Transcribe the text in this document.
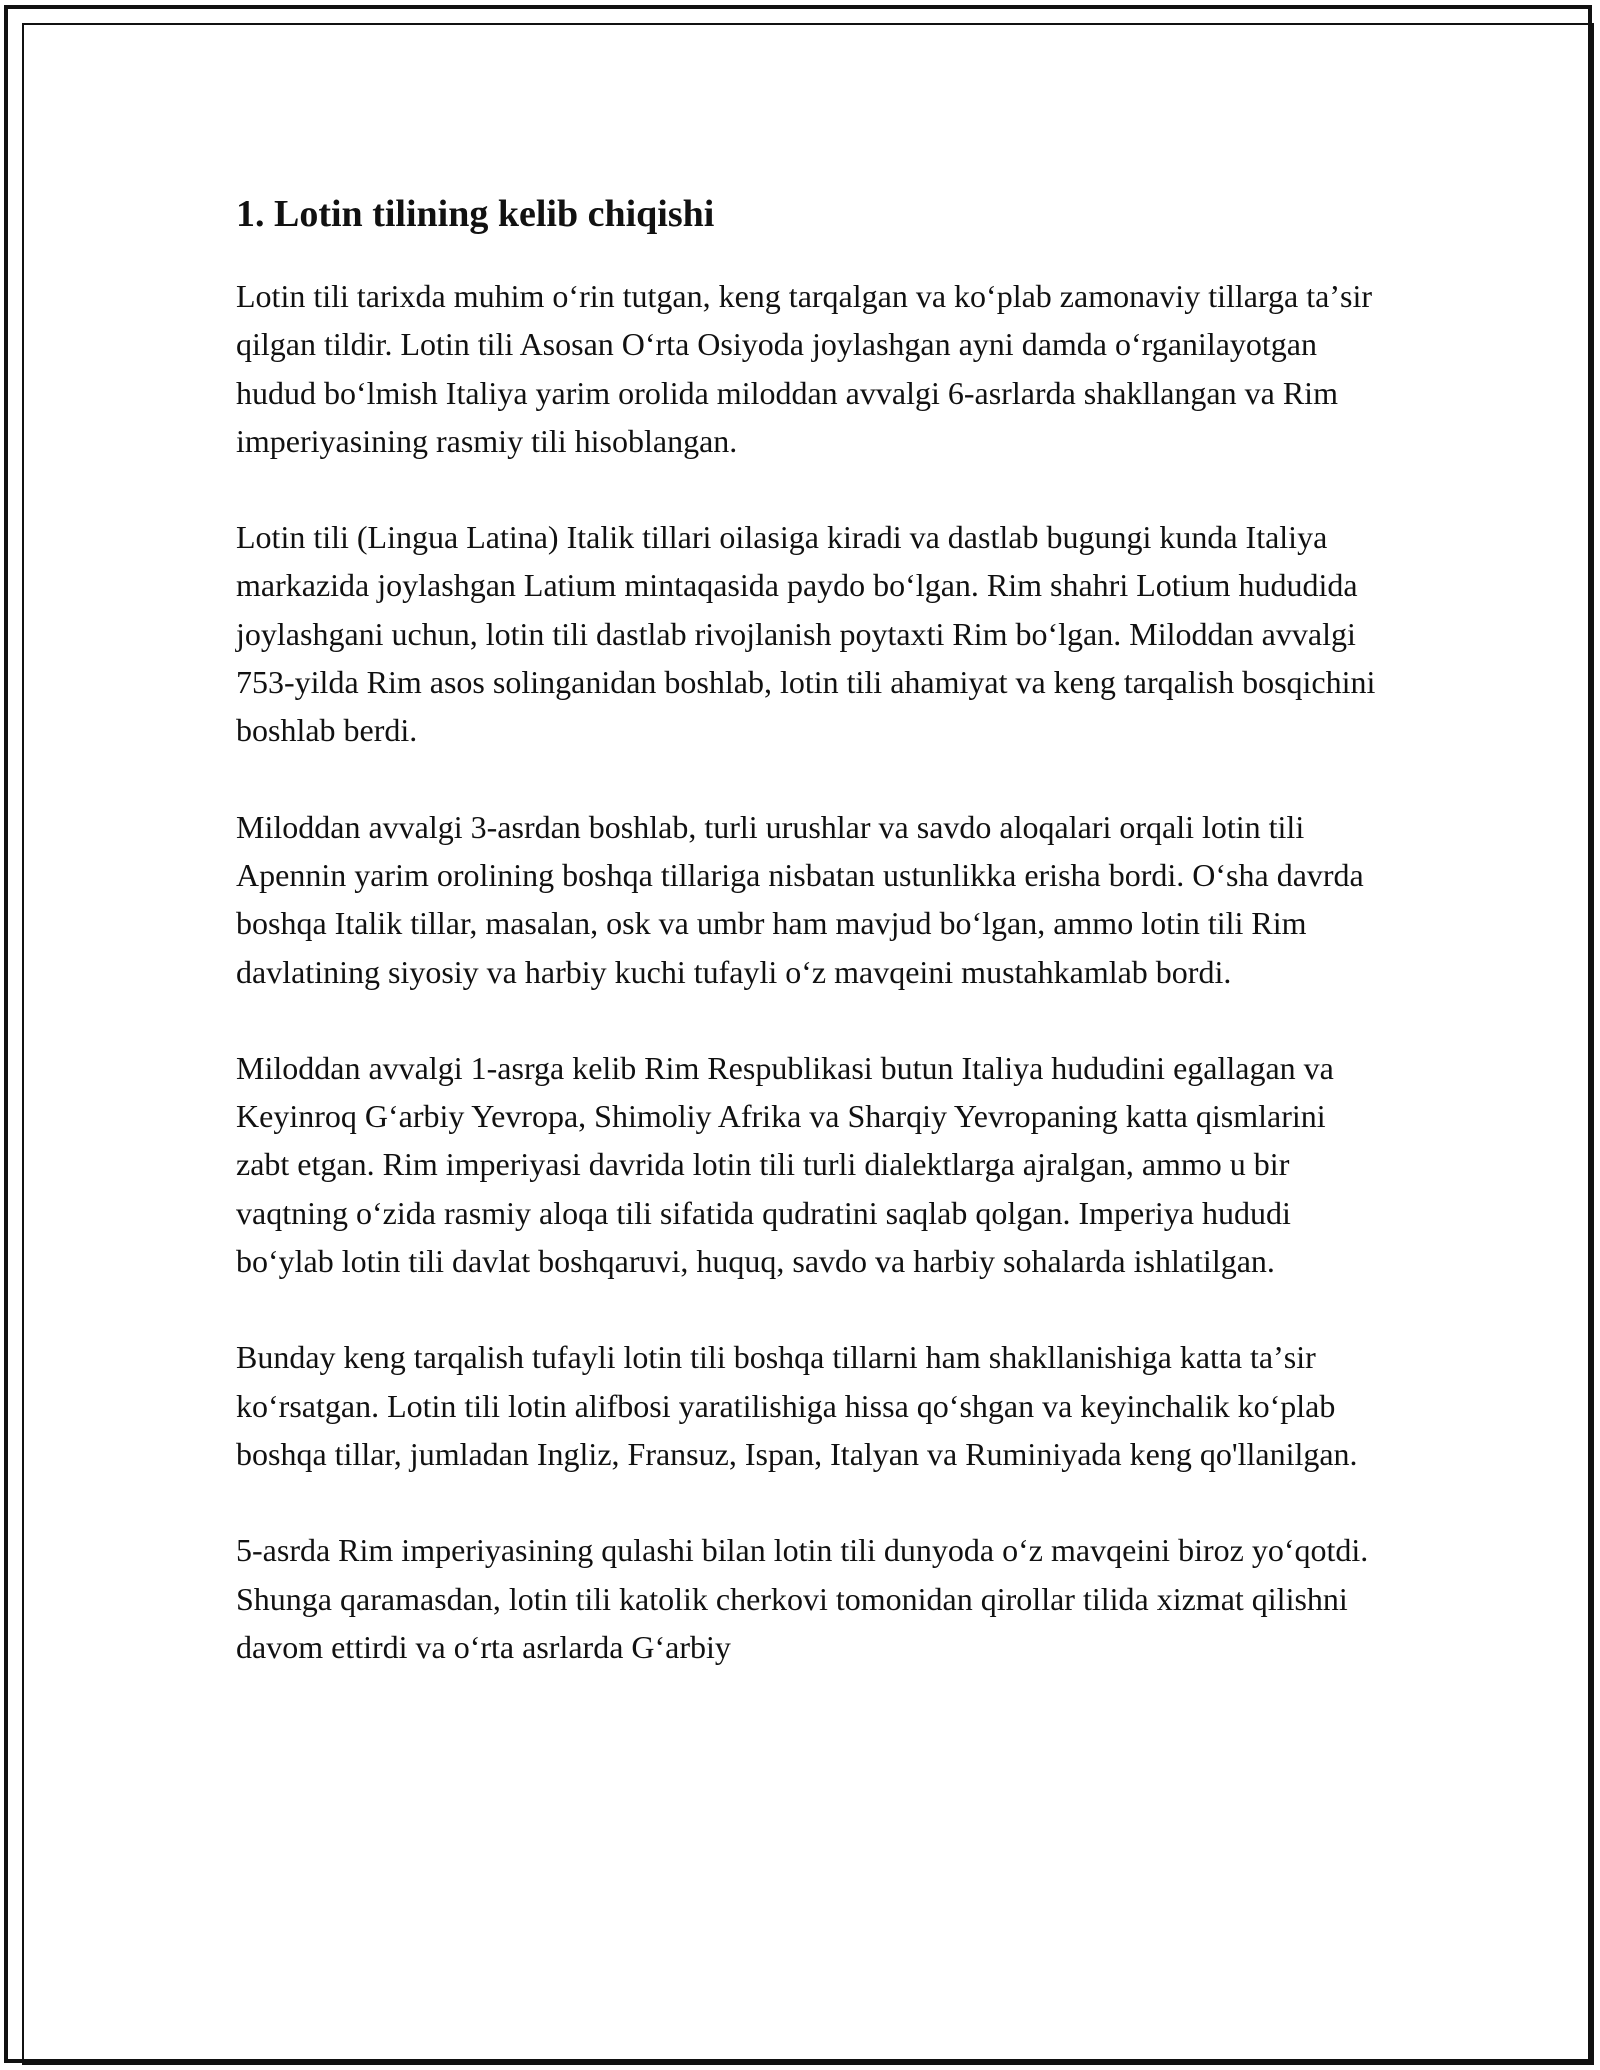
1. Lotin tilining kelib chiqishi

Lotin tili tarixda muhim oʻrin tutgan, keng tarqalgan va koʻplab zamonaviy tillarga taʼsir qilgan tildir. Lotin tili Asosan Oʻrta Osiyoda joylashgan ayni damda oʻrganilayotgan hudud boʻlmish Italiya yarim orolida miloddan avvalgi 6-asrlarda shakllangan va Rim imperiyasining rasmiy tili hisoblangan.

Lotin tili (Lingua Latina) Italik tillari oilasiga kiradi va dastlab bugungi kunda Italiya markazida joylashgan Latium mintaqasida paydo boʻlgan. Rim shahri Lotium hududida joylashgani uchun, lotin tili dastlab rivojlanish poytaxti Rim boʻlgan. Miloddan avvalgi 753-yilda Rim asos solinganidan boshlab, lotin tili ahamiyat va keng tarqalish bosqichini boshlab berdi.

Miloddan avvalgi 3-asrdan boshlab, turli urushlar va savdo aloqalari orqali lotin tili Apennin yarim orolining boshqa tillariga nisbatan ustunlikka erisha bordi. Oʻsha davrda boshqa Italik tillar, masalan, osk va umbr ham mavjud boʻlgan, ammo lotin tili Rim davlatining siyosiy va harbiy kuchi tufayli oʻz mavqeini mustahkamlab bordi.

Miloddan avvalgi 1-asrga kelib Rim Respublikasi butun Italiya hududini egallagan va Keyinroq Gʻarbiy Yevropa, Shimoliy Afrika va Sharqiy Yevropaning katta qismlarini zabt etgan. Rim imperiyasi davrida lotin tili turli dialektlarga ajralgan, ammo u bir vaqtning oʻzida rasmiy aloqa tili sifatida qudratini saqlab qolgan. Imperiya hududi boʻylab lotin tili davlat boshqaruvi, huquq, savdo va harbiy sohalarda ishlatilgan.

Bunday keng tarqalish tufayli lotin tili boshqa tillarni ham shakllanishiga katta taʼsir koʻrsatgan. Lotin tili lotin alifbosi yaratilishiga hissa qoʻshgan va keyinchalik koʻplab boshqa tillar, jumladan Ingliz, Fransuz, Ispan, Italyan va Ruminiyada keng qo'llanilgan.

5-asrda Rim imperiyasining qulashi bilan lotin tili dunyoda oʻz mavqeini biroz yoʻqotdi. Shunga qaramasdan, lotin tili katolik cherkovi tomonidan qirollar tilida xizmat qilishni davom ettirdi va oʻrta asrlarda Gʻarbiy
